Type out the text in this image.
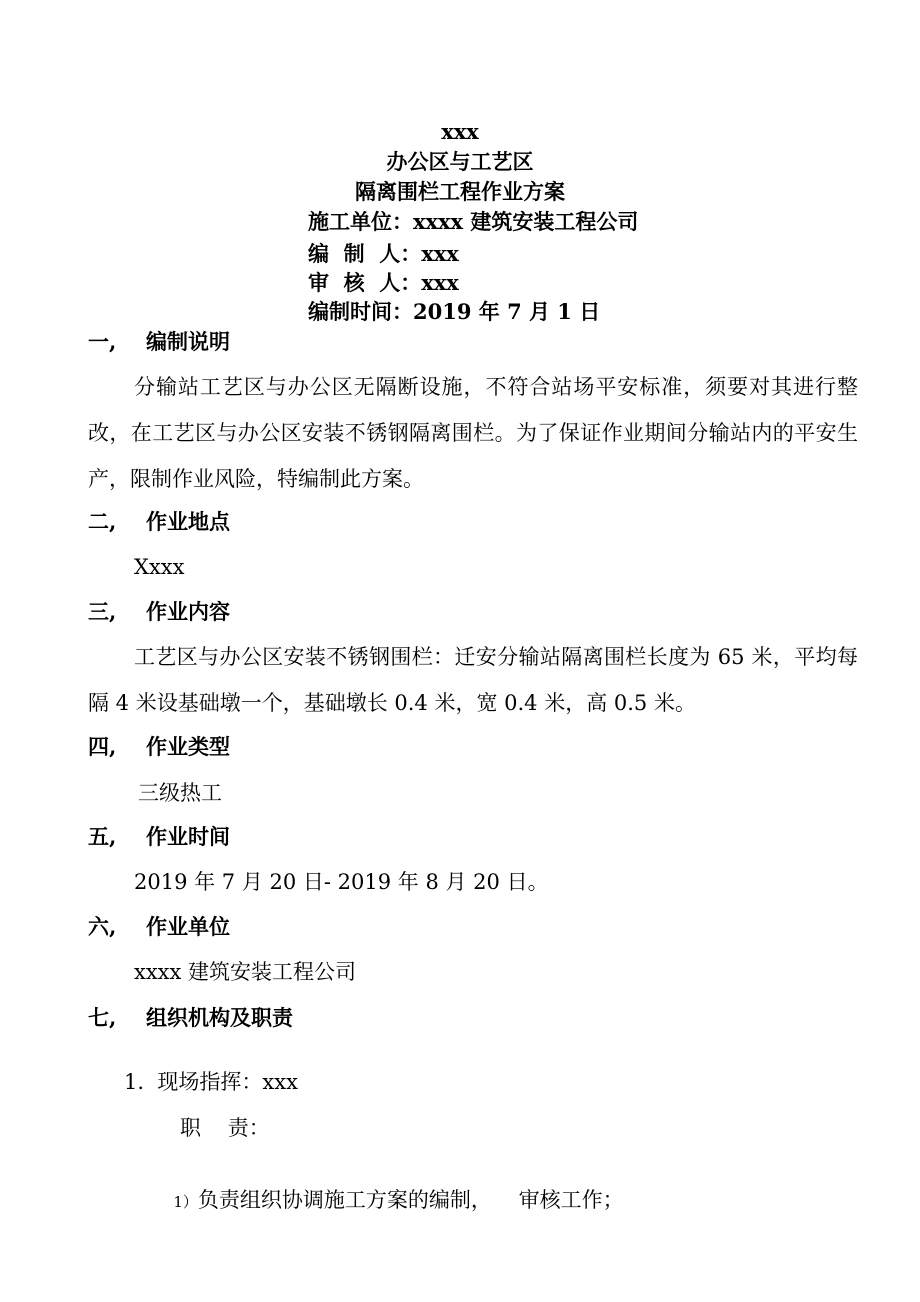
xxx
办公区与工艺区
隔离围栏工程作业方案
施工单位：xxxx 建筑安装工程公司
编  制  人：xxx
审  核  人：xxx
编制时间：2019 年 7 月 1 日
一, 编制说明
分输站工艺区与办公区无隔断设施，不符合站场平安标准，须要对其进行整改，在工艺区与办公区安装不锈钢隔离围栏。为了保证作业期间分输站内的平安生产，限制作业风险，特编制此方案。
二, 作业地点
Xxxx
三, 作业内容
工艺区与办公区安装不锈钢围栏：迁安分输站隔离围栏长度为 65 米，平均每隔 4 米设基础墩一个，基础墩长 0.4 米，宽 0.4 米，高 0.5 米。
四, 作业类型
三级热工
五, 作业时间
2019 年 7 月 20 日- 2019 年 8 月 20 日。
六, 作业单位
xxxx 建筑安装工程公司
七, 组织机构及职责
1.  现场指挥：xxx
职    责：

1）负责组织协调施工方案的编制，    审核工作；
